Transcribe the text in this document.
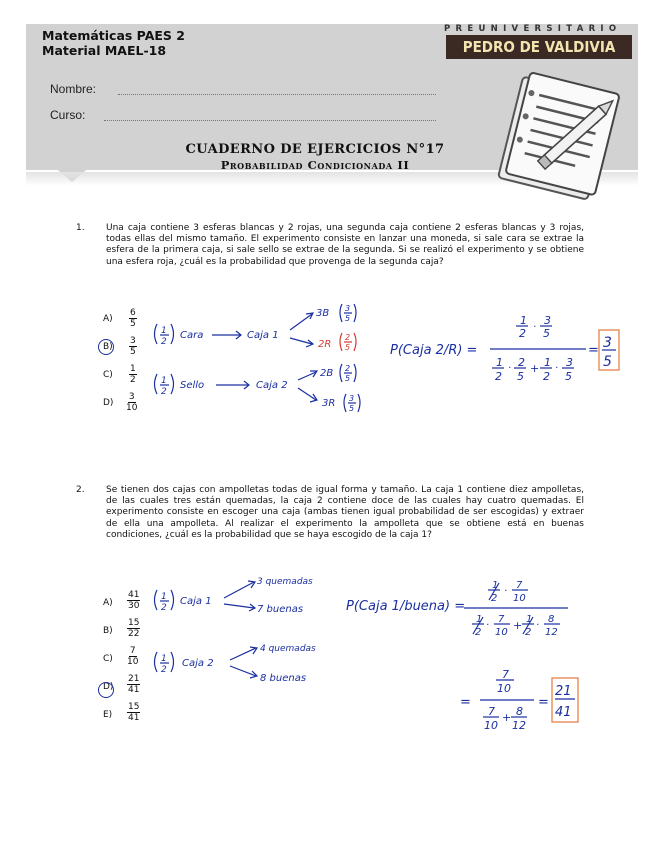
Matemáticas PAES 2
Material MAEL-18
PREUNIVERSITARIO
PEDRO DE VALDIVIA
Nombre:
Curso:
CUADERNO DE EJERCICIOS N°17
Probabilidad Condicionada II
1. Una caja contiene 3 esferas blancas y 2 rojas, una segunda caja contiene 2 esferas blancas y 3 rojas, todas ellas del mismo tamaño. El experimento consiste en lanzar una moneda, si sale cara se extrae la esfera de la primera caja, si sale sello se extrae de la segunda. Si se realizó el experimento y se obtiene una esfera roja, ¿cuál es la probabilidad que provenga de la segunda caja?
$A) \frac{6}{5}$
$B) \frac{3}{5}$
$C) \frac{1}{2}$
$D) \frac{3}{10}$
1
2
Cara	Caja 1
3B 3
5
2R
2
5
1
2
Sello	Caja 2
2B 2
5
3R 3
5
P(Caja 2/R) =
1
2 ·
3
5
1
2
· 2
5
+ 1
2
· 3
5
= 3
5
2. Se tienen dos cajas con ampolletas todas de igual forma y tamaño. La caja 1 contiene diez ampolletas, de las cuales tres están quemadas, la caja 2 contiene doce de las cuales hay cuatro quemadas. El experimento consiste en escoger una caja (ambas tienen igual probabilidad de ser escogidas) y extraer de ella una ampolleta. Al realizar el experimento la ampolleta que se obtiene está en buenas condiciones, ¿cuál es la probabilidad que se haya escogido de la caja 1?
$A) \frac{41}{30}$
$B) \frac{15}{22}$
$C) \frac{7}{10}$
$D) \frac{21}{41}$
$E) \frac{15}{41}$
1
2
Caja 1
3 quemadas
7 buenas
1
2
Caja 2
4 quemadas
8 buenas
P(Caja 1/buena) =
1
2
·
7
10
1
2
·
7
10
+ 1
2
·
8
12
=
7
10
7
10
+ 8
12
=
21
41
